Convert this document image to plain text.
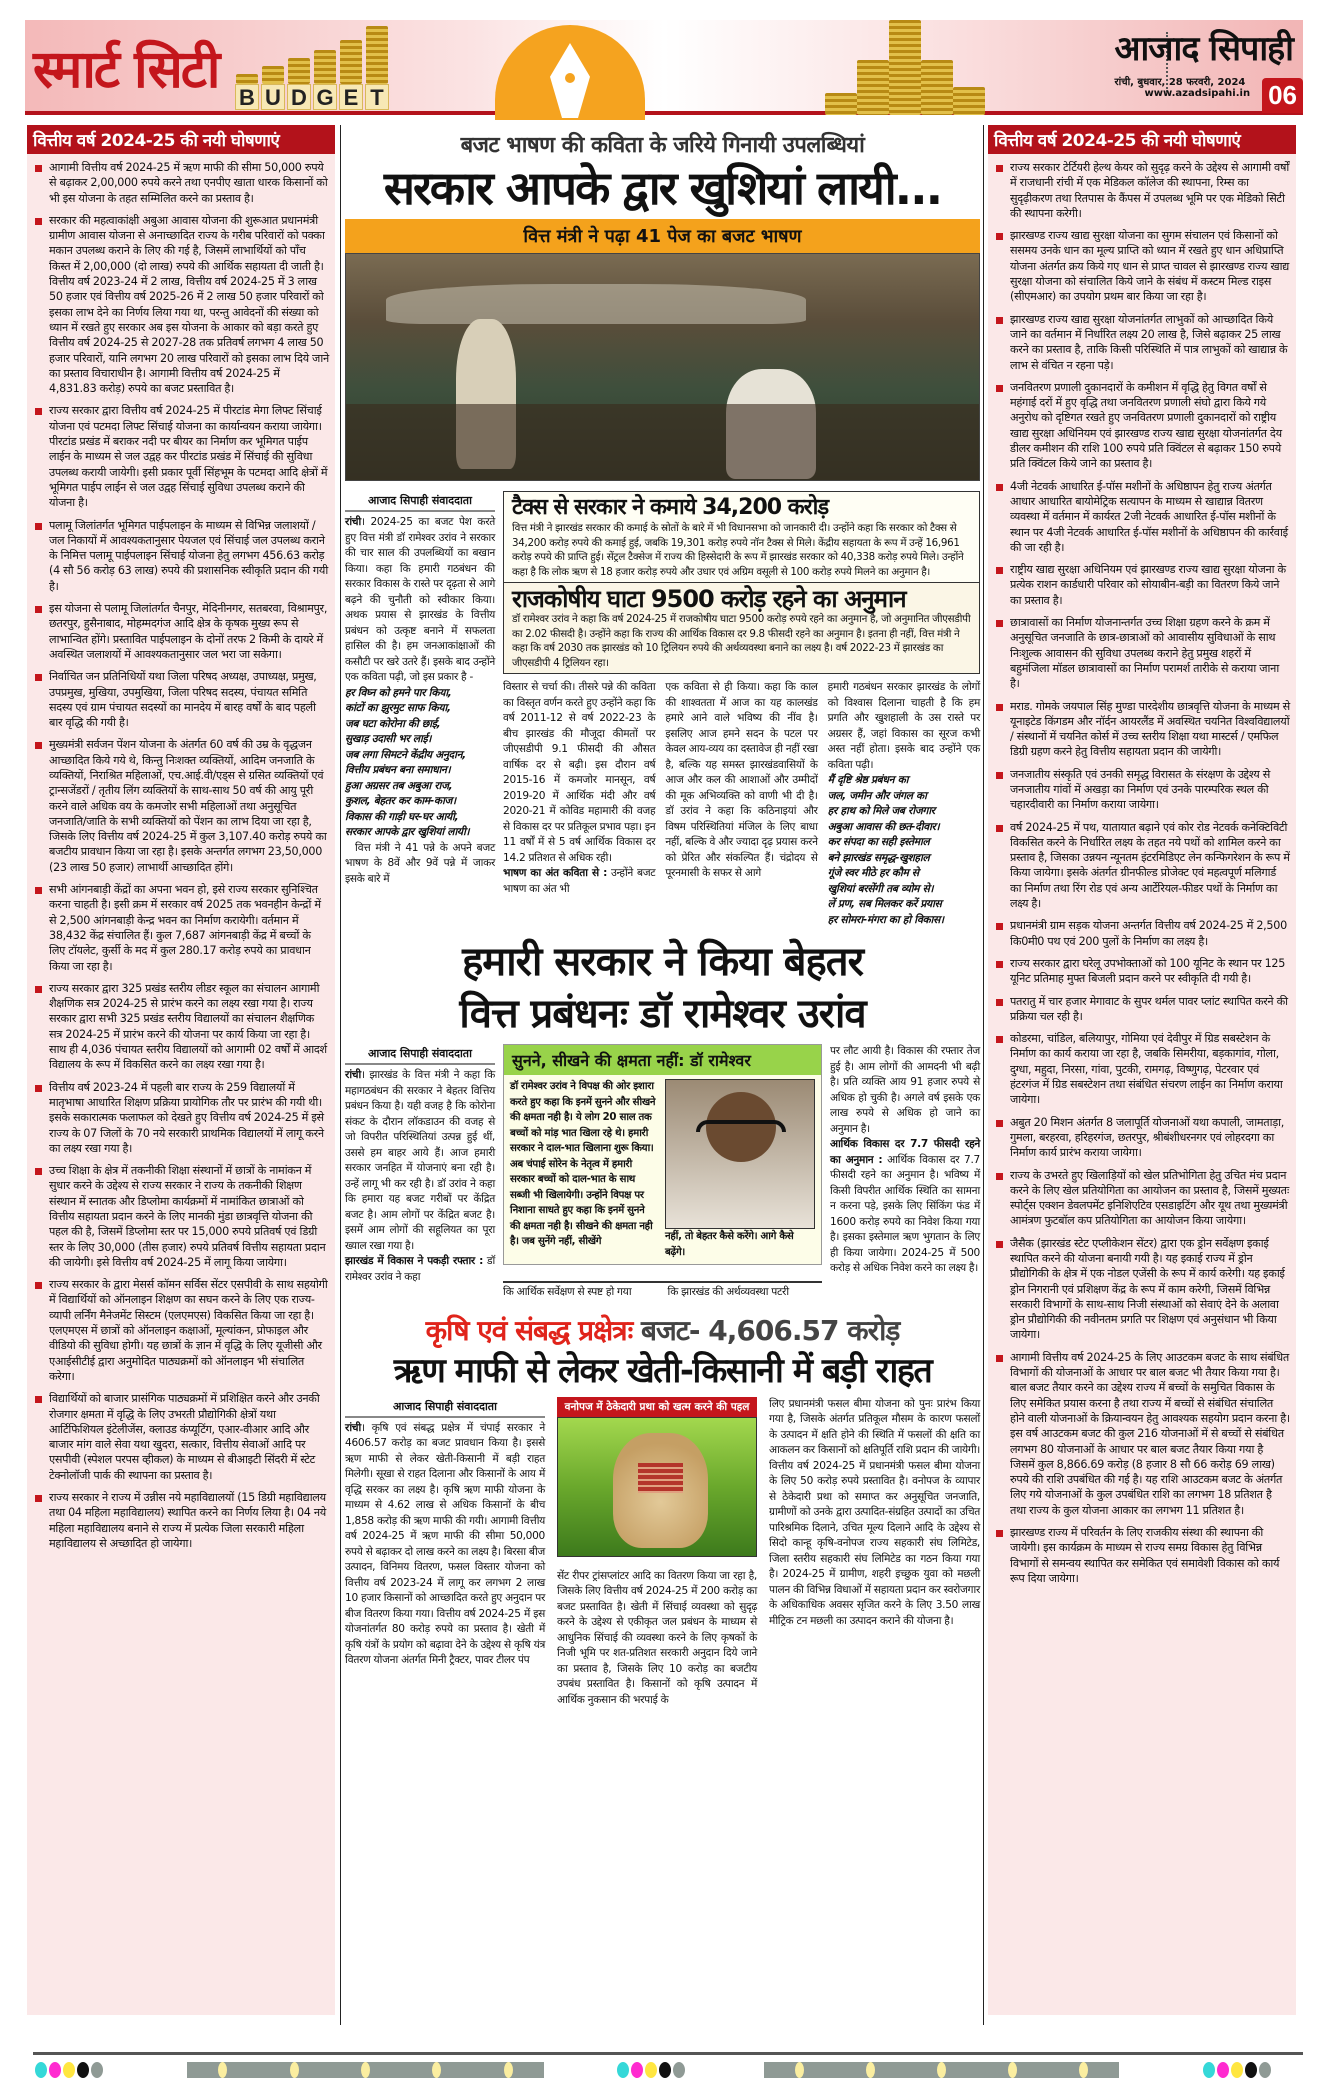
स्मार्ट सिटी B U D G E T
आजाद सिपाही
रांची, बुधवार, 28 फरवरी, 2024
www.azadsipahi.in 06
वित्तीय वर्ष 2024-25 की नयी घोषणाएं
आगामी वित्तीय वर्ष 2024-25 में ऋण माफी की सीमा 50,000 रुपये से बढ़ाकर 2,00,000 रुपये करने तथा एनपीए खाता धारक किसानों को भी इस योजना के तहत सम्मिलित करने का प्रस्ताव है।
सरकार की महत्वाकांक्षी अबुआ आवास योजना की शुरूआत प्रधानमंत्री ग्रामीण आवास योजना से अनाच्छादित राज्य के गरीब परिवारों को पक्का मकान उपलब्ध कराने के लिए की गई है, जिसमें लाभार्थियों को पाँच किस्त में 2,00,000 (दो लाख) रुपये की आर्थिक सहायता दी जाती है। वित्तीय वर्ष 2023-24 में 2 लाख, वित्तीय वर्ष 2024-25 में 3 लाख 50 हजार एवं वित्तीय वर्ष 2025-26 में 2 लाख 50 हजार परिवारों को इसका लाभ देने का निर्णय लिया गया था, परन्तु आवेदनों की संख्या को ध्यान में रखते हुए सरकार अब इस योजना के आकार को बड़ा करते हुए वित्तीय वर्ष 2024-25 से 2027-28 तक प्रतिवर्ष लगभग 4 लाख 50 हजार परिवारों, यानि लगभग 20 लाख परिवारों को इसका लाभ दिये जाने का प्रस्ताव विचाराधीन है। आगामी वित्तीय वर्ष 2024-25 में 4,831.83 करोड़) रुपये का बजट प्रस्तावित है।
राज्य सरकार द्वारा वित्तीय वर्ष 2024-25 में पीरटांड मेगा लिफ्ट सिंचाई योजना एवं पटमदा लिफ्ट सिंचाई योजना का कार्यान्वयन कराया जायेगा। पीरटांड प्रखंड में बराकर नदी पर बीयर का निर्माण कर भूमिगत पाईप लाईन के माध्यम से जल उद्वह कर पीरटांड प्रखंड में सिंचाई की सुविधा उपलब्ध करायी जायेगी। इसी प्रकार पूर्वी सिंहभूम के पटमदा आदि क्षेत्रों में भूमिगत पाईप लाईन से जल उद्वह सिंचाई सुविधा उपलब्ध कराने की योजना है।
पलामू जिलांतर्गत भूमिगत पाईपलाइन के माध्यम से विभिन्न जलाशयों / जल निकायों में आवश्यकतानुसार पेयजल एवं सिंचाई जल उपलब्ध कराने के निमित्त पलामू पाईपलाइन सिंचाई योजना हेतु लगभग 456.63 करोड़ (4 सौ 56 करोड़ 63 लाख) रुपये की प्रशासनिक स्वीकृति प्रदान की गयी है।
इस योजना से पलामू जिलांतर्गत चैनपुर, मेदिनीनगर, सतबरवा, विश्रामपुर, छतरपुर, हुसैनाबाद, मोहम्मदगंज आदि क्षेत्र के कृषक मुख्य रूप से लाभान्वित होंगे। प्रस्तावित पाईपलाइन के दोनों तरफ 2 किमी के दायरे में अवस्थित जलाशयों में आवश्यकतानुसार जल भरा जा सकेगा।
निर्वाचित जन प्रतिनिधियों यथा जिला परिषद अध्यक्ष, उपाध्यक्ष, प्रमुख, उपप्रमुख, मुखिया, उपमुखिया, जिला परिषद सदस्य, पंचायत समिति सदस्य एवं ग्राम पंचायत सदस्यों का मानदेय में बारह वर्षों के बाद पहली बार वृद्धि की गयी है।
मुख्यमंत्री सर्वजन पेंशन योजना के अंतर्गत 60 वर्ष की उम्र के वृद्धजन आच्छादित किये गये थे, किन्तु निःशक्त व्यक्तियों, आदिम जनजाति के व्यक्तियों, निराश्रित महिलाओं, एच.आई.वी/एड्स से ग्रसित व्यक्तियों एवं ट्रान्सजेंडरों / तृतीय लिंग व्यक्तियों के साथ-साथ 50 वर्ष की आयु पूरी करने वाले अधिक वय के कमजोर सभी महिलाओं तथा अनुसूचित जनजाति/जाति के सभी व्यक्तियों को पेंशन का लाभ दिया जा रहा है, जिसके लिए वित्तीय वर्ष 2024-25 में कुल 3,107.40 करोड़ रुपये का बजटीय प्रावधान किया जा रहा है। इसके अन्तर्गत लगभग 23,50,000 (23 लाख 50 हजार) लाभार्थी आच्छादित होंगे।
सभी आंगनबाड़ी केंद्रों का अपना भवन हो, इसे राज्य सरकार सुनिश्चित करना चाहती है। इसी क्रम में सरकार वर्ष 2025 तक भवनहीन केन्द्रों में से 2,500 आंगनबाड़ी केन्द्र भवन का निर्माण करायेगी। वर्तमान में 38,432 केंद्र संचालित हैं। कुल 7,687 आंगनबाड़ी केंद्र में बच्चों के लिए टॉयलेट, कुर्सी के मद में कुल 280.17 करोड़ रुपये का प्रावधान किया जा रहा है।
राज्य सरकार द्वारा 325 प्रखंड स्तरीय लीडर स्कूल का संचालन आगामी शैक्षणिक सत्र 2024-25 से प्रारंभ करने का लक्ष्य रखा गया है। राज्य सरकार द्वारा सभी 325 प्रखंड स्तरीय विद्यालयों का संचालन शैक्षणिक सत्र 2024-25 में प्रारंभ करने की योजना पर कार्य किया जा रहा है। साथ ही 4,036 पंचायत स्तरीय विद्यालयों को आगामी 02 वर्षों में आदर्श विद्यालय के रूप में विकसित करने का लक्ष्य रखा गया है।
वित्तीय वर्ष 2023-24 में पहली बार राज्य के 259 विद्यालयों में मातृभाषा आधारित शिक्षण प्रक्रिया प्रायोगिक तौर पर प्रारंभ की गयी थी। इसके सकारात्मक फलाफल को देखते हुए वित्तीय वर्ष 2024-25 में इसे राज्य के 07 जिलों के 70 नये सरकारी प्राथमिक विद्यालयों में लागू करने का लक्ष्य रखा गया है।
उच्च शिक्षा के क्षेत्र में तकनीकी शिक्षा संस्थानों में छात्रों के नामांकन में सुधार करने के उद्देश्य से राज्य सरकार ने राज्य के तकनीकी शिक्षण संस्थान में स्नातक और डिप्लोमा कार्यक्रमों में नामांकित छात्राओं को वित्तीय सहायता प्रदान करने के लिए मानकी मुंडा छात्रवृत्ति योजना की पहल की है, जिसमें डिप्लोमा स्तर पर 15,000 रुपये प्रतिवर्ष एवं डिग्री स्तर के लिए 30,000 (तीस हजार) रुपये प्रतिवर्ष वित्तीय सहायता प्रदान की जायेगी। इसे वित्तीय वर्ष 2024-25 में लागू किया जायेगा।
राज्य सरकार के द्वारा मेसर्स कॉमन सर्विस सेंटर एसपीवी के साथ सहयोगी में विद्यार्थियों को ऑनलाइन शिक्षण का सघन करने के लिए एक राज्य-व्यापी लर्निंग मैनेजमेंट सिस्टम (एलएमएस) विकसित किया जा रहा है। एलएमएस में छात्रों को ऑनलाइन कक्षाओं, मूल्यांकन, प्रोफाइल और वीडियो की सुविधा होगी। यह छात्रों के ज्ञान में वृद्धि के लिए यूजीसी और एआईसीटीई द्वारा अनुमोदित पाठ्यक्रमों को ऑनलाइन भी संचालित करेगा।
विद्यार्थियों को बाजार प्रासंगिक पाठ्यक्रमों में प्रशिक्षित करने और उनकी रोजगार क्षमता में वृद्धि के लिए उभरती प्रौद्योगिकी क्षेत्रों यथा आर्टिफिशियल इंटेलीजेंस, क्लाउड कंप्यूटिंग, एआर-वीआर आदि और बाजार मांग वाले सेवा यथा खुदरा, सत्कार, वित्तीय सेवाओं आदि पर एसपीवी (स्पेशल परपस व्हीकल) के माध्यम से बीआइटी सिंदरी में स्टेट टेक्नोलॉजी पार्क की स्थापना का प्रस्ताव है।
राज्य सरकार ने राज्य में उन्नीस नये महाविद्यालयों (15 डिग्री महाविद्यालय तथा 04 महिला महाविद्यालय) स्थापित करने का निर्णय लिया है। 04 नये महिला महाविद्यालय बनाने से राज्य में प्रत्येक जिला सरकारी महिला महाविद्यालय से अच्छादित हो जायेगा।
बजट भाषण की कविता के जरिये गिनायी उपलब्धियां
सरकार आपके द्वार खुशियां लायी...
वित्त मंत्री ने पढ़ा 41 पेज का बजट भाषण
आजाद सिपाही संवाददाता
रांची। 2024-25 का बजट पेश करते हुए वित्त मंत्री डॉ रामेश्वर उरांव ने सरकार की चार साल की उपलब्धियों का बखान किया। कहा कि हमारी गठबंधन की सरकार विकास के रास्ते पर दृढ़ता से आगे बढ़ने की चुनौती को स्वीकार किया। अथक प्रयास से झारखंड के वित्तीय प्रबंधन को उत्कृष्ट बनाने में सफलता हासिल की है। हम जनआकांक्षाओं की कसौटी पर खरे उतरे हैं। इसके बाद उन्होंने एक कविता पढ़ी, जो इस प्रकार है -
हर विघ्न को हमने पार किया,
कांटों का झुरमुट साफ किया,
जब घटा कोरोना की छाई,
सुखाड़ उदासी भर लाई।
जब लगा सिमटने केंद्रीय अनुदान,
वित्तीय प्रबंधन बना समाधान।
हुआ अग्रसर तब अबुआ राज,
कुशल, बेहतर कर काम-काज।
विकास की गाड़ी घर-घर आयी,
सरकार आपके द्वार खुशियां लायी।
वित्त मंत्री ने 41 पन्ने के अपने बजट भाषण के 8वें और 9वें पन्ने में जाकर इसके बारे में
टैक्स से सरकार ने कमाये 34,200 करोड़

वित्त मंत्री ने झारखंड सरकार की कमाई के स्रोतों के बारे में भी विधानसभा को जानकारी दी। उन्होंने कहा कि सरकार को टैक्स से 34,200 करोड़ रुपये की कमाई हुई, जबकि 19,301 करोड़ रुपये नॉन टैक्स से मिले। केंद्रीय सहायता के रूप में उन्हें 16,961 करोड़ रुपये की प्राप्ति हुई। सेंट्रल टैक्सेज में राज्य की हिस्सेदारी के रूप में झारखंड सरकार को 40,338 करोड़ रुपये मिले। उन्होंने कहा है कि लोक ऋण से 18 हजार करोड़ रुपये और उधार एवं अग्रिम वसूली से 100 करोड़ रुपये मिलने का अनुमान है।

राजकोषीय घाटा 9500 करोड़ रहने का अनुमान

डॉ रामेश्वर उरांव ने कहा कि वर्ष 2024-25 में राजकोषीय घाटा 9500 करोड़ रुपये रहने का अनुमान है, जो अनुमानित जीएसडीपी का 2.02 फीसदी है। उन्होंने कहा कि राज्य की आर्थिक विकास दर 9.8 फीसदी रहने का अनुमान है। इतना ही नहीं, वित्त मंत्री ने कहा कि वर्ष 2030 तक झारखंड को 10 ट्रिलियन रुपये की अर्थव्यवस्था बनाने का लक्ष्य है। वर्ष 2022-23 में झारखंड का जीएसडीपी 4 ट्रिलियन रहा।

विस्तार से चर्चा की। तीसरे पन्ने की कविता का विस्तृत वर्णन करते हुए उन्होंने कहा कि वर्ष 2011-12 से वर्ष 2022-23 के बीच झारखंड की मौजूदा कीमतों पर जीएसडीपी 9.1 फीसदी की औसत वार्षिक दर से बढ़ी। इस दौरान वर्ष 2015-16 में कमजोर मानसून, वर्ष 2019-20 में आर्थिक मंदी और वर्ष 2020-21 में कोविड महामारी की वजह से विकास दर पर प्रतिकूल प्रभाव पड़ा। इन 11 वर्षों में से 5 वर्ष आर्थिक विकास दर 14.2 प्रतिशत से अधिक रही।
भाषण का अंत कविता से : उन्होंने बजट भाषण का अंत भी
एक कविता से ही किया। कहा कि काल की शाश्वतता में आज का यह कालखंड हमारे आने वाले भविष्य की नींव है। इसलिए आज हमने सदन के पटल पर केवल आय-व्यय का दस्तावेज ही नहीं रखा है, बल्कि यह समस्त झारखंडवासियों के आज और कल की आशाओं और उम्मीदों की मूक अभिव्यक्ति को वाणी भी दी है। डॉ उरांव ने कहा कि कठिनाइयां और विषम परिस्थितियां मंजिल के लिए बाधा नहीं, बल्कि वे और ज्यादा दृढ़ प्रयास करने को प्रेरित और संकल्पित हैं। चंद्रोदय से पूरनमासी के सफर से आगे
हमारी गठबंधन सरकार झारखंड के लोगों को विश्वास दिलाना चाहती है कि हम प्रगति और खुशहाली के उस रास्ते पर अग्रसर हैं, जहां विकास का सूरज कभी अस्त नहीं होता। इसके बाद उन्होंने एक कविता पढ़ी।
मैं दृष्टि श्रेष्ठ प्रबंधन का
जल, जमीन और जंगल का
हर हाथ को मिले जब रोजगार
अबुआ आवास की छत-दीवार।
कर संपदा का सही इस्तेमाल
बने झारखंड समृद्ध-खुशहाल
गूंजे स्वर मीठे हर कौम से
खुशियां बरसेंगी तब व्योम से।
लें प्रण, सब मिलकर करें प्रयास
हर सोमरा-मंगरा का हो विकास।
हमारी सरकार ने किया बेहतर
वित्त प्रबंधनः डॉ रामेश्वर उरांव
आजाद सिपाही संवाददाता
रांची। झारखंड के वित्त मंत्री ने कहा कि महागठबंधन की सरकार ने बेहतर वित्तिय प्रबंधन किया है। यही वजह है कि कोरोना संकट के दौरान लॉकडाउन की वजह से जो विपरीत परिस्थितियां उत्पन्न हुई थीं, उससे हम बाहर आये हैं। आज हमारी सरकार जनहित में योजनाएं बना रही है। उन्हें लागू भी कर रही है। डॉ उरांव ने कहा कि हमारा यह बजट गरीबों पर केंद्रित बजट है। आम लोगों पर केंद्रित बजट है। इसमें आम लोगों की सहूलियत का पूरा ख्याल रखा गया है।
झारखंड में विकास ने पकड़ी रफ्तार : डॉ रामेश्वर उरांव ने कहा
सुनने, सीखने की क्षमता नहीं: डॉ रामेश्वर
डॉ रामेश्वर उरांव ने विपक्ष की ओर इशारा करते हुए कहा कि इनमें सुनने और सीखने की क्षमता नही है। ये लोग 20 साल तक बच्चों को मांड़ भात खिला रहे थे। हमारी सरकार ने दाल-भात खिलाना शुरू किया। अब चंपाई सोरेन के नेतृत्व में हमारी सरकार बच्चों को दाल-भात के साथ सब्जी भी खिलायेगी। उन्होंने विपक्ष पर निशाना साधते हुए कहा कि इनमें सुनने की क्षमता नही है। सीखने की क्षमता नही है। जब सुनेंगे नहीं, सीखेंगे	नहीं, तो बेहतर कैसे करेंगे। आगे कैसे बढ़ेंगे।
कि आर्थिक सर्वेक्षण से स्पष्ट हो गया	कि झारखंड की अर्थव्यवस्था पटरी
पर लौट आयी है। विकास की रफ्तार तेज हुई है। आम लोगों की आमदनी भी बढ़ी है। प्रति व्यक्ति आय 91 हजार रुपये से अधिक हो चुकी है। अगले वर्ष इसके एक लाख रुपये से अधिक हो जाने का अनुमान है।
आर्थिक विकास दर 7.7 फीसदी रहने का अनुमान : आर्थिक विकास दर 7.7 फीसदी रहने का अनुमान है। भविष्य में किसी विपरीत आर्थिक स्थिति का सामना न करना पड़े, इसके लिए सिंकिंग फंड में 1600 करोड़ रुपये का निवेश किया गया है। इसका इस्तेमाल ऋण भुगतान के लिए ही किया जायेगा। 2024-25 में 500 करोड़ से अधिक निवेश करने का लक्ष्य है।
कृषि एवं संबद्ध प्रक्षेत्रः बजट- 4,606.57 करोड़
ऋण माफी से लेकर खेती-किसानी में बड़ी राहत
आजाद सिपाही संवाददाता
रांची। कृषि एवं संबद्ध प्रक्षेत्र में चंपाई सरकार ने 4606.57 करोड़ का बजट प्रावधान किया है। इससे ऋण माफी से लेकर खेती-किसानी में बड़ी राहत मिलेगी। सूखा से राहत दिलाना और किसानों के आय में वृद्धि सरकर का लक्ष्य है। कृषि ऋण माफी योजना के माध्यम से 4.62 लाख से अधिक किसानों के बीच 1,858 करोड़ की ऋण माफी की गयी। आगामी वित्तीय वर्ष 2024-25 में ऋण माफी की सीमा 50,000 रुपये से बढ़ाकर दो लाख करने का लक्ष्य है। बिरसा बीज उत्पादन, विनिमय वितरण, फसल विस्तार योजना को वित्तीय वर्ष 2023-24 में लागू कर लगभग 2 लाख 10 हजार किसानों को आच्छादित करते हुए अनुदान पर बीज वितरण किया गया। वित्तीय वर्ष 2024-25 में इस योजनांतर्गत 80 करोड़ रुपये का प्रस्ताव है। खेती में कृषि यंत्रों के प्रयोग को बढ़ावा देने के उद्देश्य से कृषि यंत्र वितरण योजना अंतर्गत मिनी ट्रैक्टर, पावर टीलर पंप
वनोपज में ठेकेदारी प्रथा को खत्म करने की पहल
सेंट रीपर ट्रांसप्लांटर आदि का वितरण किया जा रहा है, जिसके लिए वित्तीय वर्ष 2024-25 में 200 करोड़ का बजट प्रस्तावित है। खेती में सिंचाई व्यवस्था को सुदृढ़ करने के उद्देश्य से एकीकृत जल प्रबंधन के माध्यम से आधुनिक सिंचाई की व्यवस्था करने के लिए कृषकों के निजी भूमि पर शत-प्रतिशत सरकारी अनुदान दिये जाने का प्रस्ताव है, जिसके लिए 10 करोड़ का बजटीय उपबंध प्रस्तावित है। किसानों को कृषि उत्पादन में आर्थिक नुकसान की भरपाई के
लिए प्रधानमंत्री फसल बीमा योजना को पुनः प्रारंभ किया गया है, जिसके अंतर्गत प्रतिकूल मौसम के कारण फसलों के उत्पादन में क्षति होने की स्थिति में फसलों की क्षति का आकलन कर किसानों को क्षतिपूर्ति राशि प्रदान की जायेगी। वित्तीय वर्ष 2024-25 में प्रधानमंत्री फसल बीमा योजना के लिए 50 करोड़ रुपये प्रस्तावित है। वनोपज के व्यापार से ठेकेदारी प्रथा को समाप्त कर अनुसूचित जनजाति, ग्रामीणों को उनके द्वारा उत्पादित-संग्रहित उत्पादों का उचित पारिश्रमिक दिलाने, उचित मूल्य दिलाने आदि के उद्देश्य से सिदो कान्हू कृषि-वनोपज राज्य सहकारी संघ लिमिटेड, जिला स्तरीय सहकारी संघ लिमिटेड का गठन किया गया है। 2024-25 में ग्रामीण, शहरी इच्छुक युवा को मछली पालन की विभिन्न विधाओं में सहायता प्रदान कर स्वरोजगार के अधिकाधिक अवसर सृजित करने के लिए 3.50 लाख मीट्रिक टन मछली का उत्पादन कराने की योजना है।
वित्तीय वर्ष 2024-25 की नयी घोषणाएं
राज्य सरकार टेर्टियरी हेल्थ केयर को सुदृढ़ करने के उद्देश्य से आगामी वर्षों में राजधानी रांची में एक मेडिकल कॉलेज की स्थापना, रिम्स का सुदृढ़ीकरण तथा रितपास के कैंपस में उपलब्ध भूमि पर एक मेडिको सिटी की स्थापना करेगी।
झारखण्ड राज्य खाद्य सुरक्षा योजना का सुगम संचालन एवं किसानों को ससमय उनके धान का मूल्य प्राप्ति को ध्यान में रखते हुए धान अधिप्राप्ति योजना अंतर्गत क्रय किये गए धान से प्राप्त चावल से झारखण्ड राज्य खाद्य सुरक्षा योजना को संचालित किये जाने के संबंध में कस्टम मिल्ड राइस (सीएमआर) का उपयोग प्रथम बार किया जा रहा है।
झारखण्ड राज्य खाद्य सुरक्षा योजनांतर्गत लाभुकों को आच्छादित किये जाने का वर्तमान में निर्धारित लक्ष्य 20 लाख है, जिसे बढ़ाकर 25 लाख करने का प्रस्ताव है, ताकि किसी परिस्थिति में पात्र लाभुकों को खाद्यान्न के लाभ से वंचित न रहना पड़े।
जनवितरण प्रणाली दुकानदारों के कमीशन में वृद्धि हेतु विगत वर्षों से महंगाई दरों में हुए वृद्धि तथा जनवितरण प्रणाली संघो द्वारा किये गये अनुरोध को दृष्टिगत रखते हुए जनवितरण प्रणाली दुकानदारों को राष्ट्रीय खाद्य सुरक्षा अधिनियम एवं झारखण्ड राज्य खाद्य सुरक्षा योजनांतर्गत देय डीलर कमीशन की राशि 100 रुपये प्रति क्विंटल से बढ़ाकर 150 रुपये प्रति क्विंटल किये जाने का प्रस्ताव है।
4जी नेटवर्क आधारित ई-पॉस मशीनों के अधिष्ठापन हेतु राज्य अंतर्गत आधार आधारित बायोमेट्रिक सत्यापन के माध्यम से खाद्यान्न वितरण व्यवस्था में वर्तमान में कार्यरत 2जी नेटवर्क आधारित ई-पॉस मशीनों के स्थान पर 4जी नेटवर्क आधारित ई-पॉस मशीनों के अधिष्ठापन की कार्रवाई की जा रही है।
राष्ट्रीय खाद्य सुरक्षा अधिनियम एवं झारखण्ड राज्य खाद्य सुरक्षा योजना के प्रत्येक राशन कार्डधारी परिवार को सोयाबीन-बड़ी का वितरण किये जाने का प्रस्ताव है।
छात्रावासों का निर्माण योजनान्तर्गत उच्च शिक्षा ग्रहण करने के क्रम में अनुसूचित जनजाति के छात्र-छात्राओं को आवासीय सुविधाओं के साथ निःशुल्क आवासन की सुविधा उपलब्ध कराने हेतु प्रमुख शहरों में बहुमंजिला मॉडल छात्रावासों का निर्माण परामर्श तारीके से कराया जाना है।
मराड. गोमके जयपाल सिंह मुण्डा पारदेशीय छात्रवृत्ति योजना के माध्यम से यूनाइटेड किंगडम और नॉर्दन आयरलैंड में अवस्थित चयनित विश्वविद्यालयों / संस्थानों में चयनित कोर्स में उच्च स्तरीय शिक्षा यथा मास्टर्स / एमफिल डिग्री ग्रहण करने हेतु वित्तीय सहायता प्रदान की जायेगी।
जनजातीय संस्कृति एवं उनकी समृद्ध विरासत के संरक्षण के उद्देश्य से जनजातीय गांवों में अखड़ा का निर्माण एवं उनके पारम्परिक स्थल की चहारदीवारी का निर्माण कराया जायेगा।
वर्ष 2024-25 में पथ, यातायात बढ़ाने एवं कोर रोड नेटवर्क कनेक्टिविटी विकसित करने के निर्धारित लक्ष्य के तहत नये पथों को शामिल करने का प्रस्ताव है, जिसका उन्नयन न्यूनतम इंटरमिडिएट लेन कन्फिगरेशन के रूप में किया जायेगा। इसके अंतर्गत ग्रीनफील्ड प्रोजेक्ट एवं महत्वपूर्ण मलिगार्ड का निर्माण तथा रिंग रोड एवं अन्य आर्टेरियल-फीडर पथों के निर्माण का लक्ष्य है।
प्रधानमंत्री ग्राम सड़क योजना अन्तर्गत वित्तीय वर्ष 2024-25 में 2,500 कि0मी0 पथ एवं 200 पुलों के निर्माण का लक्ष्य है।
राज्य सरकार द्वारा घरेलू उपभोक्ताओं को 100 यूनिट के स्थान पर 125 यूनिट प्रतिमाह मुफ्त बिजली प्रदान करने पर स्वीकृति दी गयी है।
पतरातु में चार हजार मेगावाट के सुपर थर्मल पावर प्लांट स्थापित करने की प्रक्रिया चल रही है।
कोडरमा, चांडिल, बलियापुर, गोमिया एवं देवीपुर में ग्रिड सबस्टेशन के निर्माण का कार्य कराया जा रहा है, जबकि सिमरीया, बड़कागांव, गोला, दुग्धा, महुदा, निरसा, गांवा, पुटकी, रामगढ़, विष्णुगढ़, पेटरवार एवं हंटरगंज में ग्रिड सबस्टेशन तथा संबंधित संचरण लाईन का निर्माण कराया जायेगा।
अबुत 20 मिशन अंतर्गत 8 जलापूर्ति योजनाओं यथा कपाली, जामताड़ा, गुमला, बरहरवा, हरिहरगंज, छतरपुर, श्रीबंशीधरनगर एवं लोहरदगा का निर्माण कार्य प्रारंभ कराया जायेगा।
राज्य के उभरते हुए खिलाड़ियों को खेल प्रतिभोगिता हेतु उचित मंच प्रदान करने के लिए खेल प्रतियोगिता का आयोजन का प्रस्ताव है, जिसमें मुख्यतः स्पोर्ट्स एक्शन डेवलपमेंट इनिशिएटिव एसडाइटिंग और यूथ तथा मुख्यमंत्री आमंत्रण फुटबॉल कप प्रतियोगिता का आयोजन किया जायेगा।
जैसैक (झारखंड स्टेट एप्लीकेशन सेंटर) द्वारा एक ड्रोन सर्वेक्षण इकाई स्थापित करने की योजना बनायी गयी है। यह इकाई राज्य में ड्रोन प्रौद्योगिकी के क्षेत्र में एक नोडल एजेंसी के रूप में कार्य करेगी। यह इकाई ड्रोन निगरानी एवं प्रशिक्षण केंद्र के रूप में काम करेगी, जिसमें विभिन्न सरकारी विभागों के साथ-साथ निजी संस्थाओं को सेवाएं देने के अलावा ड्रोन प्रौद्योगिकी की नवीनतम प्रगति पर शिक्षण एवं अनुसंधान भी किया जायेगा।
आगामी वित्तीय वर्ष 2024-25 के लिए आउटकम बजट के साथ संबंधित विभागों की योजनाओं के आधार पर बाल बजट भी तैयार किया गया है। बाल बजट तैयार करने का उद्देश्य राज्य में बच्चों के समुचित विकास के लिए समेकित प्रयास करना है तथा राज्य में बच्चों से संबंधित संचालित होने वाली योजनाओं के क्रियान्वयन हेतु आवश्यक सहयोग प्रदान करना है। इस वर्ष आउटकम बजट की कुल 216 योजनाओं में से बच्चों से संबंधित लगभग 80 योजनाओं के आधार पर बाल बजट तैयार किया गया है जिसमें कुल 8,866.69 करोड़ (8 हजार 8 सौ 66 करोड़ 69 लाख) रुपये की राशि उपबंधित की गई है। यह राशि आउटकम बजट के अंतर्गत लिए गये योजनाओं के कुल उपबंधित राशि का लगभग 18 प्रतिशत है तथा राज्य के कुल योजना आकार का लगभग 11 प्रतिशत है।
झारखण्ड राज्य में परिवर्तन के लिए राजकीय संस्था की स्थापना की जायेगी। इस कार्यक्रम के माध्यम से राज्य समग्र विकास हेतु विभिन्न विभागों से समन्वय स्थापित कर समेकित एवं समावेशी विकास को कार्य रूप दिया जायेगा।
